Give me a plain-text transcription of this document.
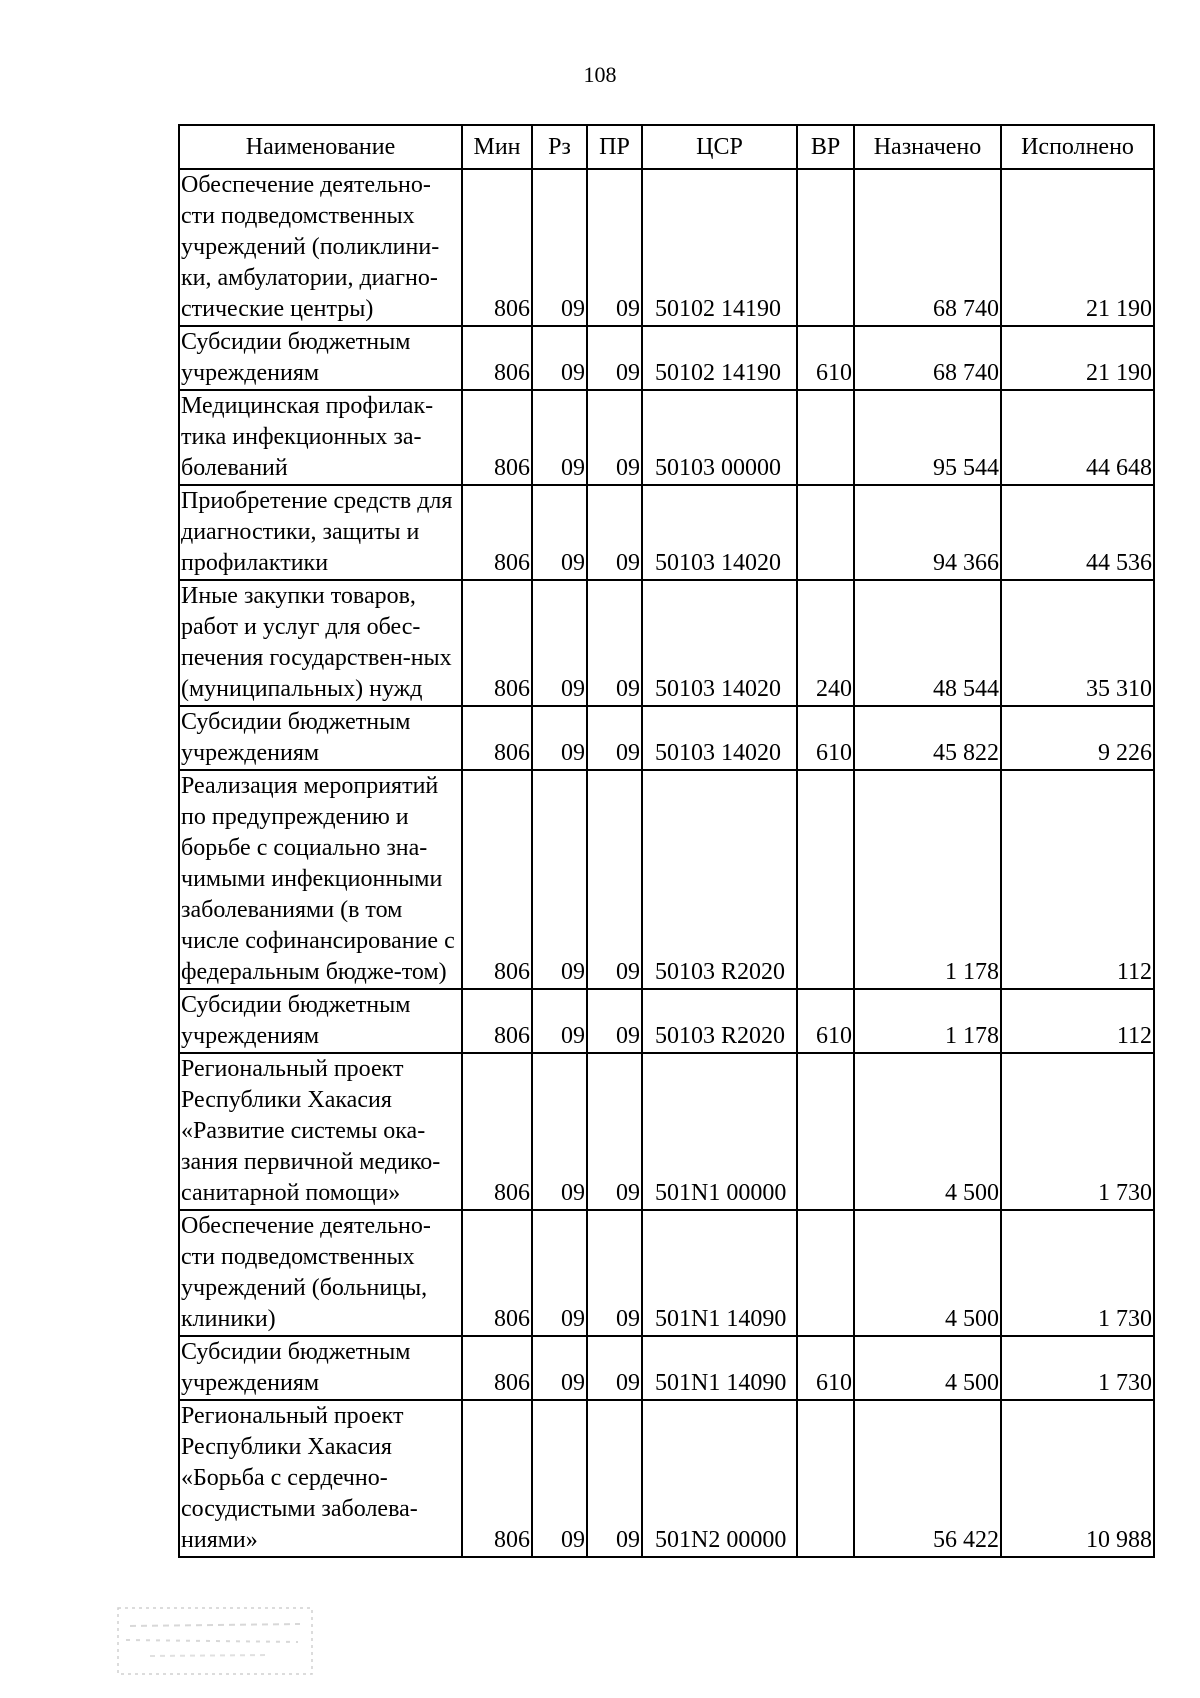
108
Наименование	Мин	Рз	ПР	ЦСР	ВР	Назначено	Исполнено
Обеспечение деятельно-сти подведомственных учреждений (поликлини-ки, амбулатории, диагно-стические центры)	806	09	09	50102 14190		68 740	21 190
Субсидии бюджетным учреждениям	806	09	09	50102 14190	610	68 740	21 190
Медицинская профилак-тика инфекционных за-болеваний	806	09	09	50103 00000		95 544	44 648
Приобретение средств для диагностики, защиты и профилактики	806	09	09	50103 14020		94 366	44 536
Иные закупки товаров, работ и услуг для обес-печения государствен-ных (муниципальных) нужд	806	09	09	50103 14020	240	48 544	35 310
Субсидии бюджетным учреждениям	806	09	09	50103 14020	610	45 822	9 226
Реализация мероприятий по предупреждению и борьбе с социально зна-чимыми инфекционными заболеваниями (в том числе софинансирование с федеральным бюдже-том)	806	09	09	50103 R2020		1 178	112
Субсидии бюджетным учреждениям	806	09	09	50103 R2020	610	1 178	112
Региональный проект Республики Хакасия «Развитие системы ока-зания первичной медико-санитарной помощи»	806	09	09	501N1 00000		4 500	1 730
Обеспечение деятельно-сти подведомственных учреждений (больницы, клиники)	806	09	09	501N1 14090		4 500	1 730
Субсидии бюджетным учреждениям	806	09	09	501N1 14090	610	4 500	1 730
Региональный проект Республики Хакасия «Борьба с сердечно-сосудистыми заболева-ниями»	806	09	09	501N2 00000		56 422	10 988
